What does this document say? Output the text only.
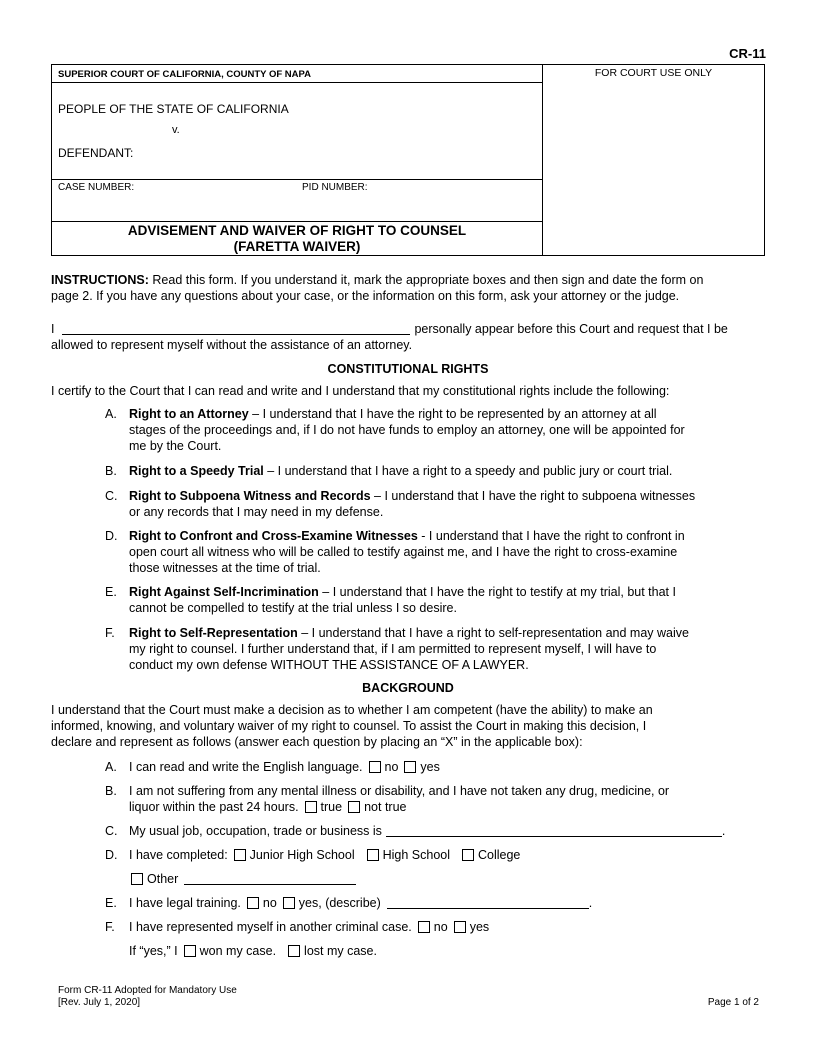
CR-11
SUPERIOR COURT OF CALIFORNIA, COUNTY OF NAPA
PEOPLE OF THE STATE OF CALIFORNIA
v.
DEFENDANT:
CASE NUMBER:	PID NUMBER:
ADVISEMENT AND WAIVER OF RIGHT TO COUNSEL
(FARETTA WAIVER)
FOR COURT USE ONLY
INSTRUCTIONS: Read this form. If you understand it, mark the appropriate boxes and then sign and date the form on
page 2. If you have any questions about your case, or the information on this form, ask your attorney or the judge.
I	personally appear before this Court and request that I be
allowed to represent myself without the assistance of an attorney.
CONSTITUTIONAL RIGHTS
I certify to the Court that I can read and write and I understand that my constitutional rights include the following:
A. Right to an Attorney – I understand that I have the right to be represented by an attorney at all
stages of the proceedings and, if I do not have funds to employ an attorney, one will be appointed for
me by the Court.
B. Right to a Speedy Trial – I understand that I have a right to a speedy and public jury or court trial.
C. Right to Subpoena Witness and Records – I understand that I have the right to subpoena witnesses
or any records that I may need in my defense.
D. Right to Confront and Cross-Examine Witnesses - I understand that I have the right to confront in
open court all witness who will be called to testify against me, and I have the right to cross-examine
those witnesses at the time of trial.
E. Right Against Self-Incrimination – I understand that I have the right to testify at my trial, but that I
cannot be compelled to testify at the trial unless I so desire.
F.	Right to Self-Representation – I understand that I have a right to self-representation and may waive
my right to counsel. I further understand that, if I am permitted to represent myself, I will have to
conduct my own defense WITHOUT THE ASSISTANCE OF A LAWYER.
BACKGROUND
I understand that the Court must make a decision as to whether I am competent (have the ability) to make an
informed, knowing, and voluntary waiver of my right to counsel. To assist the Court in making this decision, I
declare and represent as follows (answer each question by placing an “X” in the applicable box):
A. I can read and write the English language. no yes
B. I am not suffering from any mental illness or disability, and I have not taken any drug, medicine, or
liquor within the past 24 hours. true not true
C. My usual job, occupation, trade or business is	.
D. I have completed: Junior High School High School College
Other
E. I have legal training. no yes, (describe)	.
F.	I have represented myself in another criminal case. no yes
If “yes,” I won my case. lost my case.
Form CR-11 Adopted for Mandatory Use
[Rev. July 1, 2020]	Page 1 of 2
